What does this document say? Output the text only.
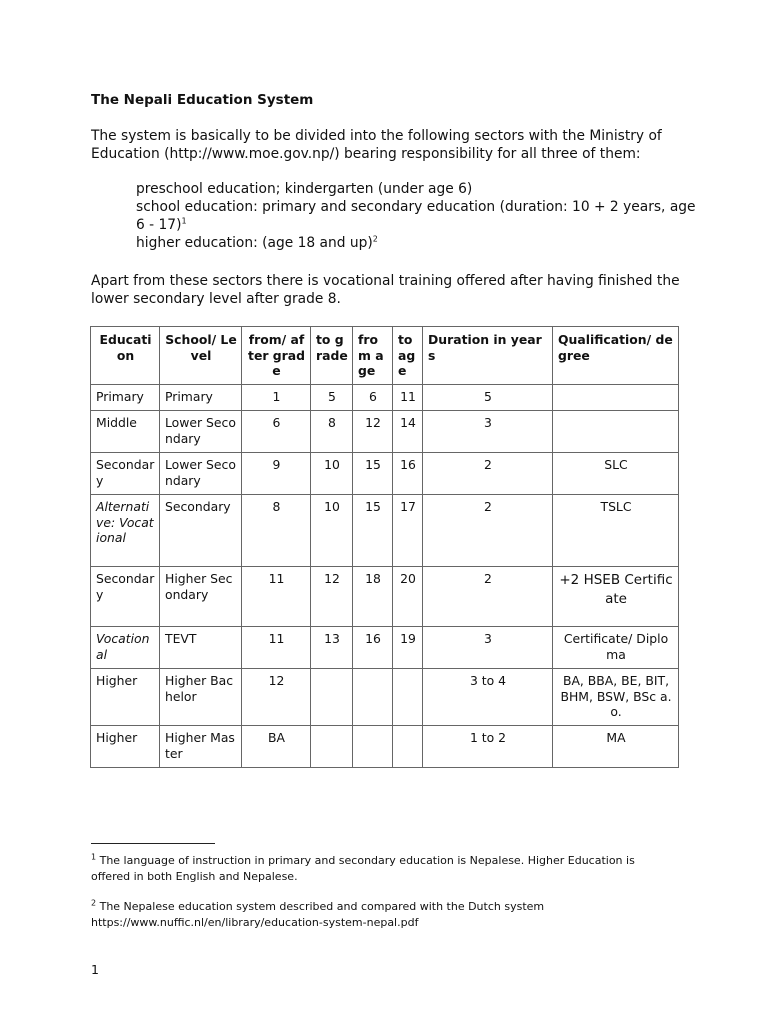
The Nepali Education System

The system is basically to be divided into the following sectors with the Ministry of Education (http://www.moe.gov.np/) bearing responsibility for all three of them:

preschool education; kindergarten (under age 6)
school education: primary and secondary education (duration: 10 + 2 years, age 6 - 17)$^1$
higher education: (age 18 and up)$^2$

Apart from these sectors there is vocational training offered after having finished the lower secondary level after grade 8.

Education	School/ Level	from/ after grade	to grade	from age	to age	Duration in years	Qualification/ degree
Primary	Primary	1	5	6	11	5	
Middle	Lower Secondary	6	8	12	14	3	
Secondary	Lower Secondary	9	10	15	16	2	SLC
Alternative: Vocational	Secondary	8	10	15	17	2	TSLC
Secondary	Higher Secondary	11	12	18	20	2	+2 HSEB Certificate
Vocational	TEVT	11	13	16	19	3	Certificate/ Diploma
Higher	Higher Bachelor	12				3 to 4	BA, BBA, BE, BIT, BHM, BSW, BSc a.o.
Higher	Higher Master	BA				1 to 2	MA

$^1$ The language of instruction in primary and secondary education is Nepalese. Higher Education is offered in both English and Nepalese.

$^2$ The Nepalese education system described and compared with the Dutch system https://www.nuffic.nl/en/library/education-system-nepal.pdf

1
